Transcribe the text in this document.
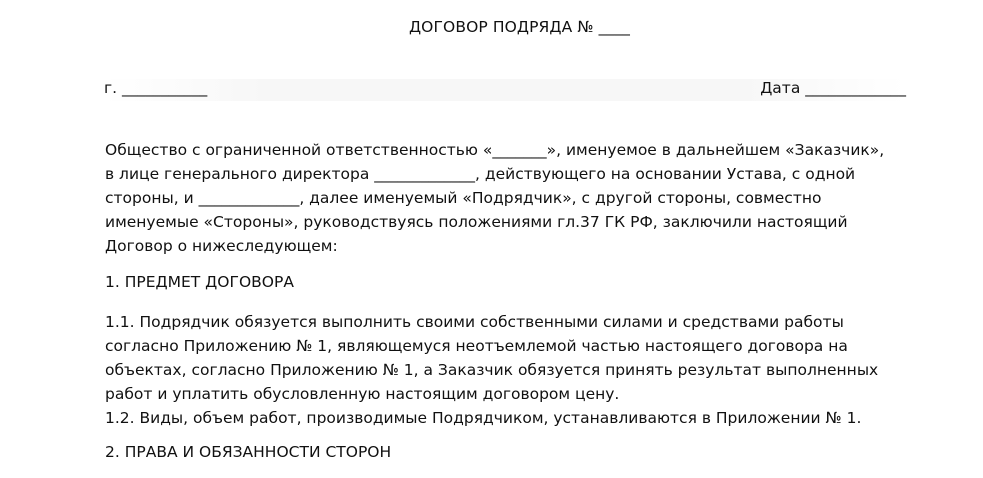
ДОГОВОР ПОДРЯДА № ____
г. ___________	Дата _____________
Общество с ограниченной ответственностью «_______», именуемое в дальнейшем «Заказчик»,
в лице генерального директора _____________, действующего на основании Устава, с одной
стороны, и _____________, далее именуемый «Подрядчик», с другой стороны, совместно
именуемые «Стороны», руководствуясь положениями гл.37 ГК РФ, заключили настоящий
Договор о нижеследующем:
1. ПРЕДМЕТ ДОГОВОРА
1.1. Подрядчик обязуется выполнить своими собственными силами и средствами работы
согласно Приложению № 1, являющемуся неотъемлемой частью настоящего договора на
объектах, согласно Приложению № 1, а Заказчик обязуется принять результат выполненных
работ и уплатить обусловленную настоящим договором цену.
1.2. Виды, объем работ, производимые Подрядчиком, устанавливаются в Приложении № 1.
2. ПРАВА И ОБЯЗАННОСТИ СТОРОН
